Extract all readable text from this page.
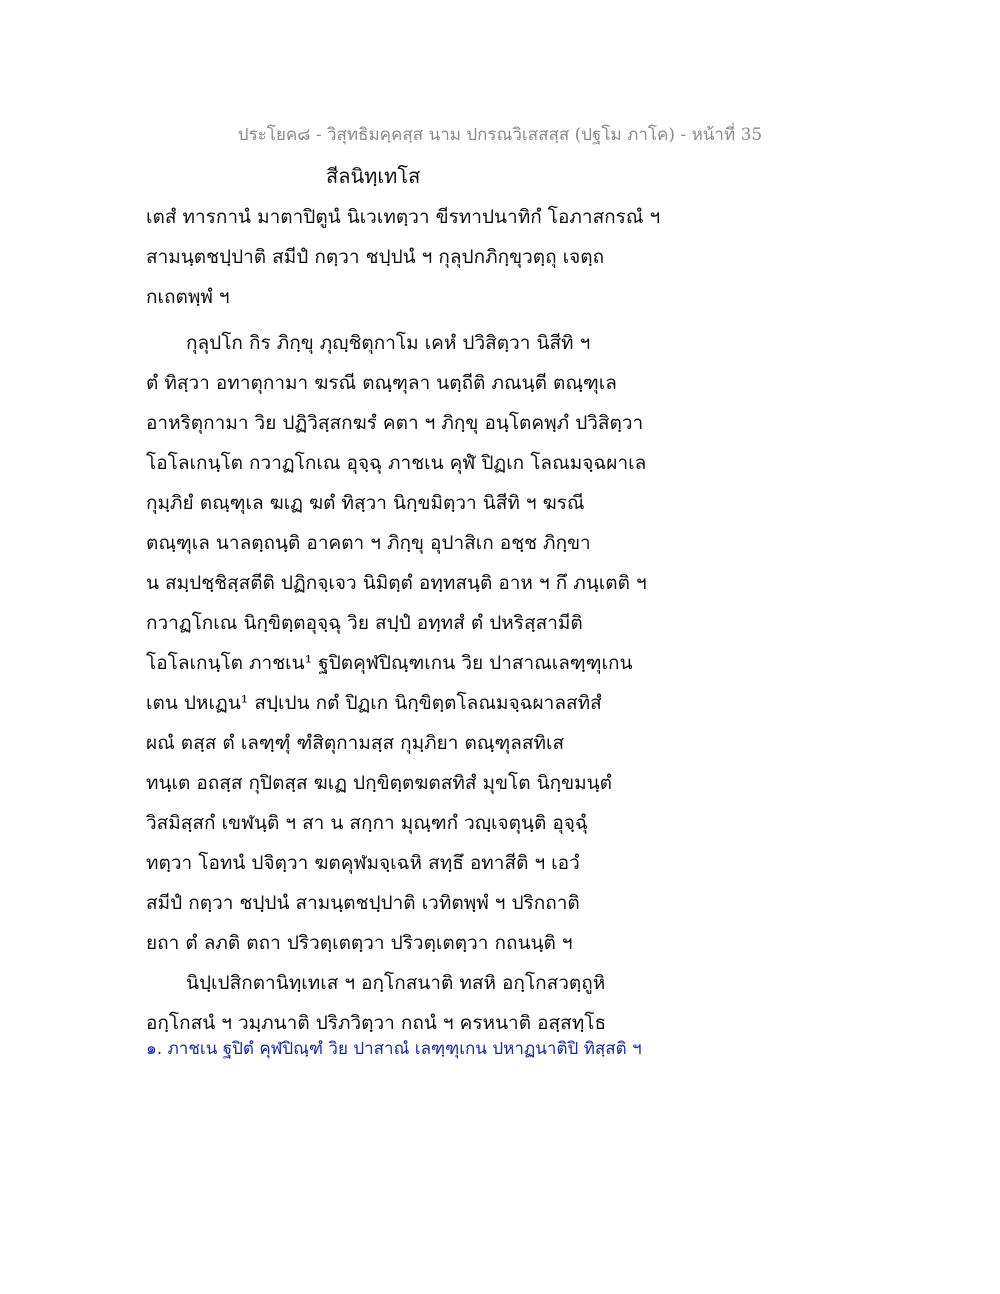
ประโยค๘ - วิสุทธิมคฺคสฺส นาม ปกรณวิเสสสฺส (ปฐโม ภาโค) - หน้าที่ 35
สีลนิทฺเทโส
เตสํ ทารกานํ มาตาปิตูนํ นิเวเทตฺวา ขีรทาปนาทิกํ โอภาสกรณํ ฯ
สามนฺตชปฺปาติ สมีปํ กตฺวา ชปฺปนํ ฯ กุลุปกภิกฺขุวตฺถุ เจตฺถ
กเถตพฺพํ ฯ
กุลุปโก กิร ภิกฺขุ ภุญฺชิตุกาโม เคหํ ปวิสิตฺวา นิสีทิ ฯ
ตํ ทิสฺวา อทาตุกามา ฆรณี ตณฺฑุลา นตฺถีติ ภณนฺตี ตณฺฑุเล
อาหริตุกามา วิย ปฏิวิสฺสกฆรํ คตา ฯ ภิกฺขุ อนฺโตคพฺภํ ปวิสิตฺวา
โอโลเกนฺโต กวาฏโกเณ อุจฺฉุ ภาชเน คุฬํ ปิฏเก โลณมจฺฉผาเล
กุมฺภิยํ ตณฺฑุเล ฆเฏ ฆตํ ทิสฺวา นิกฺขมิตฺวา นิสีทิ ฯ ฆรณี
ตณฺฑุเล นาลตฺถนฺติ อาคตา ฯ ภิกฺขุ อุปาสิเก อชฺช ภิกฺขา
น สมฺปชฺชิสฺสตีติ ปฏิกจฺเจว นิมิตฺตํ อทฺทสนฺติ อาห ฯ กึ ภนฺเตติ ฯ
กวาฏโกเณ นิกฺขิตฺตอุจฺฉุ วิย สปฺปํ อทฺทสํ ตํ ปหริสฺสามีติ
โอโลเกนฺโต ภาชเน¹ ฐปิตคุฬปิณฺฑเกน วิย ปาสาณเลฑฺฑุเกน
เตน ปหเฏน¹ สปฺเปน กตํ ปิฏเก นิกฺขิตฺตโลณมจฺฉผาลสทิสํ
ผณํ ตสฺส ตํ เลฑฺฑุํ ฑํสิตุกามสฺส กุมฺภิยา ตณฺฑุลสทิเส
ทนฺเต อถสฺส กุปิตสฺส ฆเฏ ปกฺขิตฺตฆตสทิสํ มุขโต นิกฺขมนฺตํ
วิสมิสฺสกํ เขฬนฺติ ฯ สา น สกฺกา มุณฺฑกํ วญฺเจตุนฺติ อุจฺฉุํ
ทตฺวา โอทนํ ปจิตฺวา ฆตคุฬมจฺเฉหิ สทฺธึ อทาสีติ ฯ เอวํ
สมีปํ กตฺวา ชปฺปนํ สามนฺตชปฺปาติ เวทิตพฺพํ ฯ ปริกถาติ
ยถา ตํ ลภติ ตถา ปริวตฺเตตฺวา ปริวตฺเตตฺวา กถนนฺติ ฯ
นิปฺเปสิกตานิทฺเทเส ฯ อกฺโกสนาติ ทสหิ อกฺโกสวตฺถูหิ
อกฺโกสนํ ฯ วมฺภนาติ ปริภวิตฺวา กถนํ ฯ ครหนาติ อสฺสทฺโธ
๑. ภาชเน ฐปิตํ คุฬปิณฺฑํ วิย ปาสาณํ เลฑฺฑุเกน ปหาฏนาติปิ ทิสฺสติ ฯ
